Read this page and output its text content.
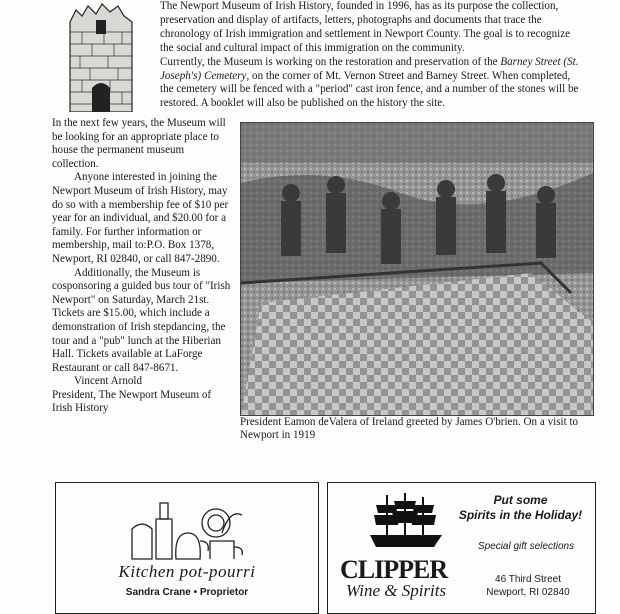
The Newport Museum of Irish History, founded in 1996, has as its purpose the collection, preservation and display of artifacts, letters, photographs and documents that trace the chronology of Irish immigration and settlement in Newport County. The goal is to recognize the social and cultural impact of this immigration on the community.

Currently, the Museum is working on the restoration and preservation of the Barney Street (St. Joseph's) Cemetery, on the corner of Mt. Vernon Street and Barney Street. When completed, the cemetery will be fenced with a "period" cast iron fence, and a number of the stones will be restored. A booklet will also be published on the history the site.

In the next few years, the Museum will be looking for an appropriate place to house the permanent museum collection.

Anyone interested in joining the Newport Museum of Irish History, may do so with a membership fee of $10 per year for an individual, and $20.00 for a family. For further information or membership, mail to:P.O. Box 1378, Newport, RI 02840, or call 847-2890.

Additionally, the Museum is cosponsoring a guided bus tour of "Irish Newport" on Saturday, March 21st. Tickets are $15.00, which include a demonstration of Irish stepdancing, the tour and a "pub" lunch at the Hiberian Hall. Tickets available at LaForge Restaurant or call 847-8671.

Vincent Arnold

President, The Newport Museum of Irish History

President Eamon deValera of Ireland greeted by James O'brien. On a visit to Newport in 1919

Kitchen pot-pourri
Sandra Crane • Proprietor
Put some
Spirits in the Holiday!
Special gift selections
CLIPPER
Wine & Spirits
46 Third Street
Newport, RI 02840
